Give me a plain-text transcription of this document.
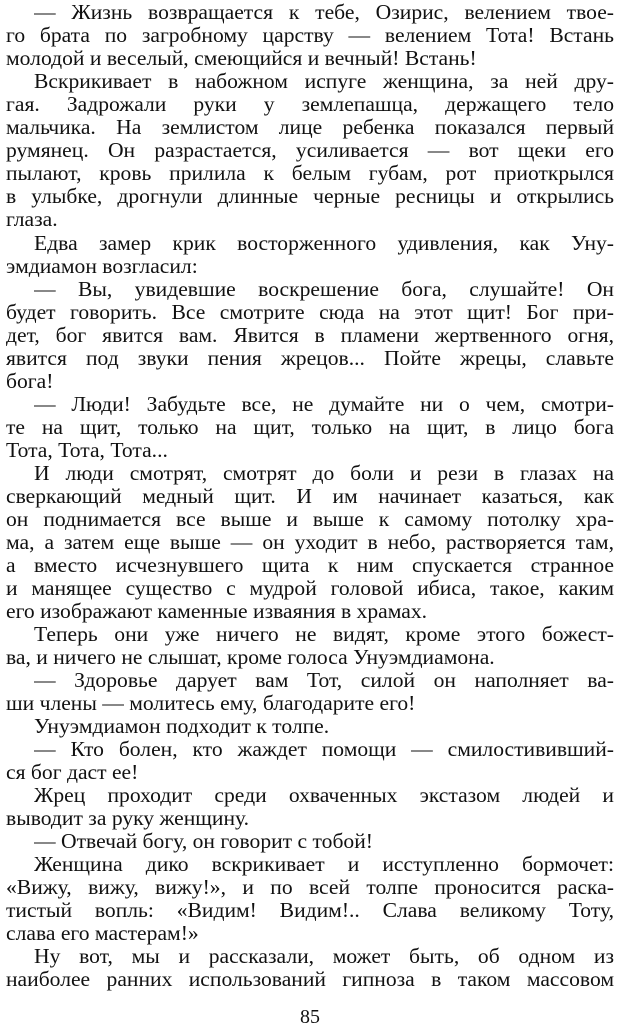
— Жизнь возвращается к тебе, Озирис, велением твое-
го брата по загробному царству — велением Тота! Встань
молодой и веселый, смеющийся и вечный! Встань!
Вскрикивает в набожном испуге женщина, за ней дру-
гая. Задрожали руки у землепашца, держащего тело
мальчика. На землистом лице ребенка показался первый
румянец. Он разрастается, усиливается — вот щеки его
пылают, кровь прилила к белым губам, рот приоткрылся
в улыбке, дрогнули длинные черные ресницы и открылись
глаза.
Едва замер крик восторженного удивления, как Уну-
эмдиамон возгласил:
— Вы, увидевшие воскрешение бога, слушайте! Он
будет говорить. Все смотрите сюда на этот щит! Бог при-
дет, бог явится вам. Явится в пламени жертвенного огня,
явится под звуки пения жрецов... Пойте жрецы, славьте
бога!
— Люди! Забудьте все, не думайте ни о чем, смотри-
те на щит, только на щит, только на щит, в лицо бога
Тота, Тота, Тота...
И люди смотрят, смотрят до боли и рези в глазах на
сверкающий медный щит. И им начинает казаться, как
он поднимается все выше и выше к самому потолку хра-
ма, а затем еще выше — он уходит в небо, растворяется там,
а вместо исчезнувшего щита к ним спускается странное
и манящее существо с мудрой головой ибиса, такое, каким
его изображают каменные изваяния в храмах.
Теперь они уже ничего не видят, кроме этого божест-
ва, и ничего не слышат, кроме голоса Унуэмдиамона.
— Здоровье дарует вам Тот, силой он наполняет ва-
ши члены — молитесь ему, благодарите его!
Унуэмдиамон подходит к толпе.
— Кто болен, кто жаждет помощи — смилостививший-
ся бог даст ее!
Жрец проходит среди охваченных экстазом людей и
выводит за руку женщину.
— Отвечай богу, он говорит с тобой!
Женщина дико вскрикивает и исступленно бормочет:
«Вижу, вижу, вижу!», и по всей толпе проносится раска-
тистый вопль: «Видим! Видим!.. Слава великому Тоту,
слава его мастерам!»
Ну вот, мы и рассказали, может быть, об одном из
наиболее ранних использований гипноза в таком массовом
85
